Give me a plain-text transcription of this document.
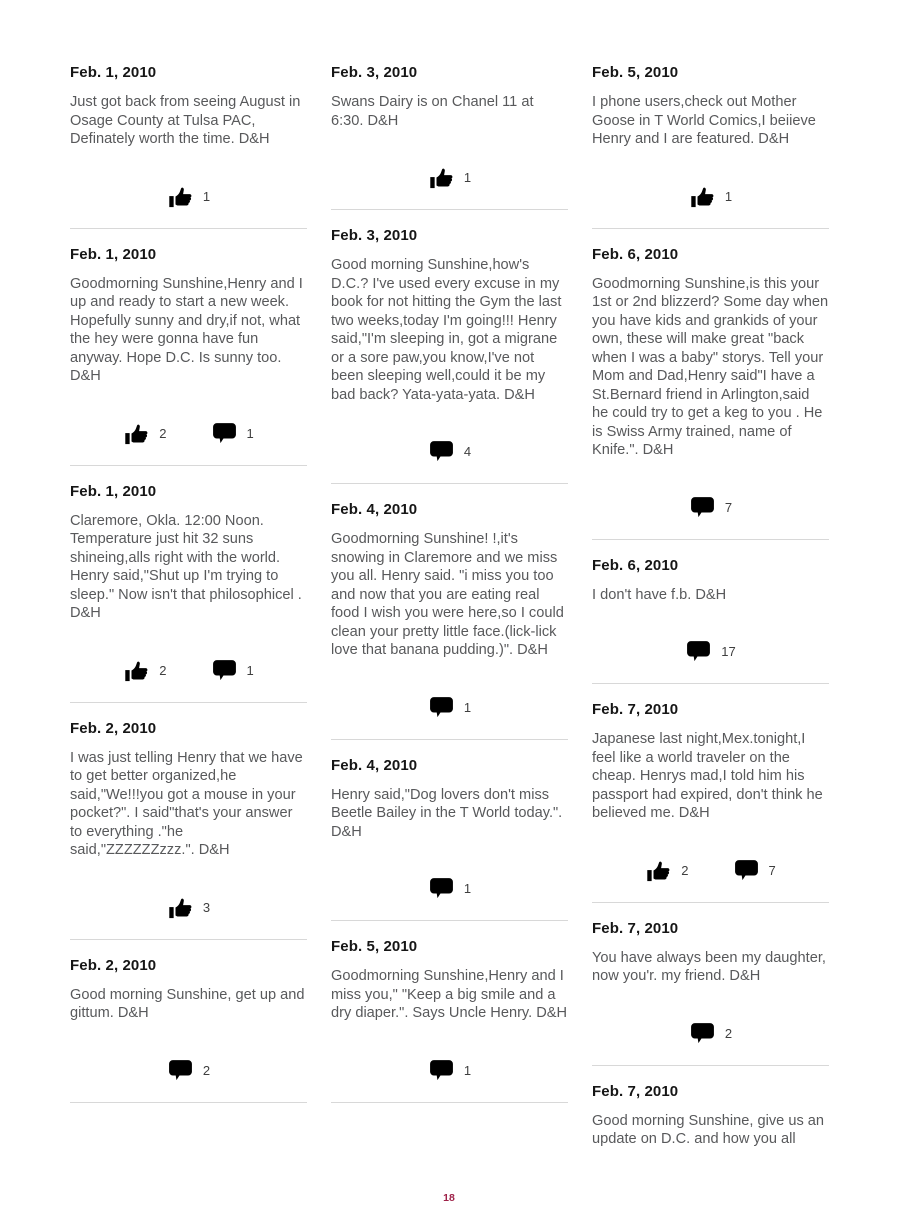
Feb. 1, 2010

Just got back from seeing August in Osage County at Tulsa PAC, Definately worth the time. D&H

1
Feb. 1, 2010

Goodmorning Sunshine,Henry and I up and ready to start a new week. Hopefully sunny and dry,if not, what the hey were gonna have fun anyway. Hope D.C. Is sunny too. D&H

2	1
Feb. 1, 2010

Claremore, Okla. 12:00 Noon. Temperature just hit 32 suns shineing,alls right with the world. Henry said,"Shut up I'm trying to sleep." Now isn't that philosophicel . D&H

2	1
Feb. 2, 2010

I was just telling Henry that we have to get better organized,he said,"We!!!you got a mouse in your pocket?". I said"that's your answer to everything ."he said,"ZZZZZZzzz.". D&H

3
Feb. 2, 2010

Good morning Sunshine, get up and gittum. D&H

2
Feb. 3, 2010

Swans Dairy is on Chanel 11 at 6:30. D&H

1
Feb. 3, 2010

Good morning Sunshine,how's D.C.? I've used every excuse in my book for not hitting the Gym the last two weeks,today I'm going!!! Henry said,"I'm sleeping in, got a migrane or a sore paw,you know,I've not been sleeping well,could it be my bad back? Yata-yata-yata. D&H

4
Feb. 4, 2010

Goodmorning Sunshine! !,it's snowing in Claremore and we miss you all. Henry said. "i miss you too and now that you are eating real food I wish you were here,so I could clean your pretty little face.(lick-lick love that banana pudding.)". D&H

1
Feb. 4, 2010

Henry said,"Dog lovers don't miss Beetle Bailey in the T World today.". D&H

1
Feb. 5, 2010

Goodmorning Sunshine,Henry and I miss you," "Keep a big smile and a dry diaper.". Says Uncle Henry. D&H

1
Feb. 5, 2010

I phone users,check out Mother Goose in T World Comics,I beiieve Henry and I are featured. D&H

1
Feb. 6, 2010

Goodmorning Sunshine,is this your 1st or 2nd blizzerd? Some day when you have kids and grankids of your own, these will make great "back when I was a baby" storys. Tell your Mom and Dad,Henry said"I have a St.Bernard friend in Arlington,said he could try to get a keg to you . He is Swiss Army trained, name of Knife.". D&H

7
Feb. 6, 2010

I don't have f.b. D&H

17
Feb. 7, 2010

Japanese last night,Mex.tonight,I feel like a world traveler on the cheap. Henrys mad,I told him his passport had expired, don't think he believed me. D&H

2	7
Feb. 7, 2010

You have always been my daughter, now you'r. my friend. D&H

2
Feb. 7, 2010

Good morning Sunshine, give us an update on D.C. and how you all

18
